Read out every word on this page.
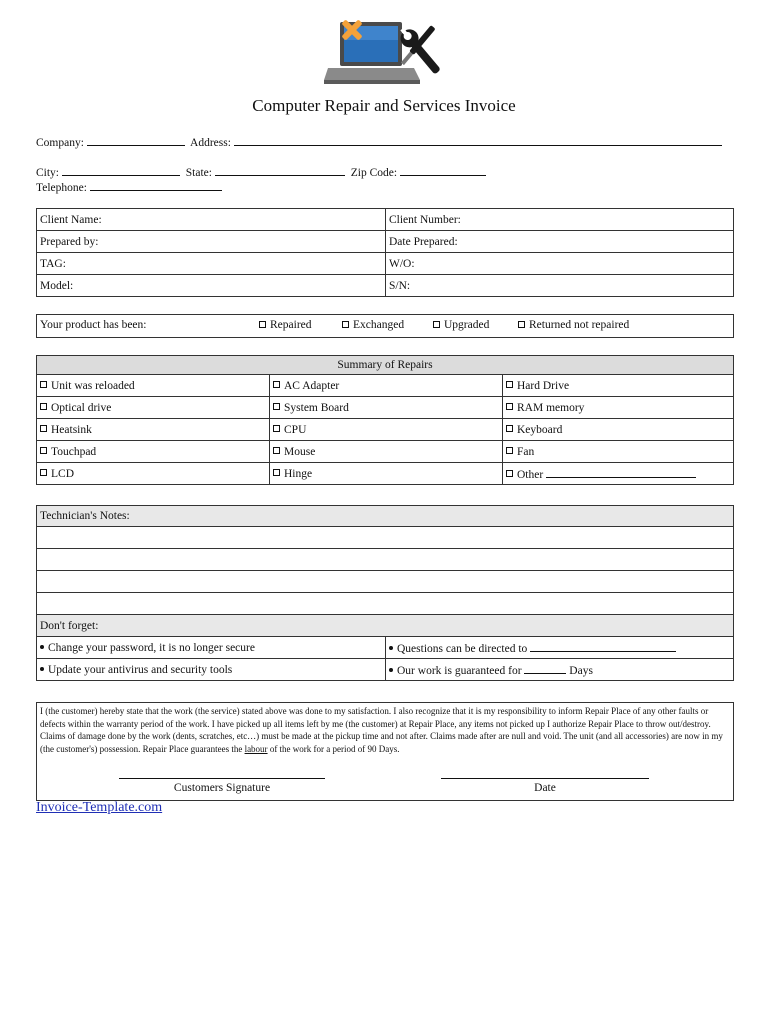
Computer Repair and Services Invoice
Company:	Address:
City:	State:	Zip Code:
Telephone:
Client Name:	Client Number:
Prepared by:	Date Prepared:
TAG:	W/O:
Model:	S/N:
Your product has been:	Repaired	Exchanged	Upgraded	Returned not repaired
Summary of Repairs		
Unit was reloaded	AC Adapter	Hard Drive
Optical drive	System Board	RAM memory
Heatsink	CPU	Keyboard
Touchpad	Mouse	Fan
LCD	Hinge	Other
Technician's Notes:	

Don't forget:	
Change your password, it is no longer secure	Questions can be directed to
Update your antivirus and security tools	Our work is guaranteed for Days

I (the customer) hereby state that the work (the service) stated above was done to my satisfaction. I also recognize that it is my responsibility to inform Repair Place of any other faults or defects within the warranty period of the work. I have picked up all items left by me (the customer) at Repair Place, any items not picked up I authorize Repair Place to throw out/destroy. Claims of damage done by the work (dents, scratches, etc…) must be made at the pickup time and not after. Claims made after are null and void. The unit (and all accessories) are now in my (the customer's) possession. Repair Place guarantees the labour of the work for a period of 90 Days.

Customers Signature	Date
Invoice-Template.com
